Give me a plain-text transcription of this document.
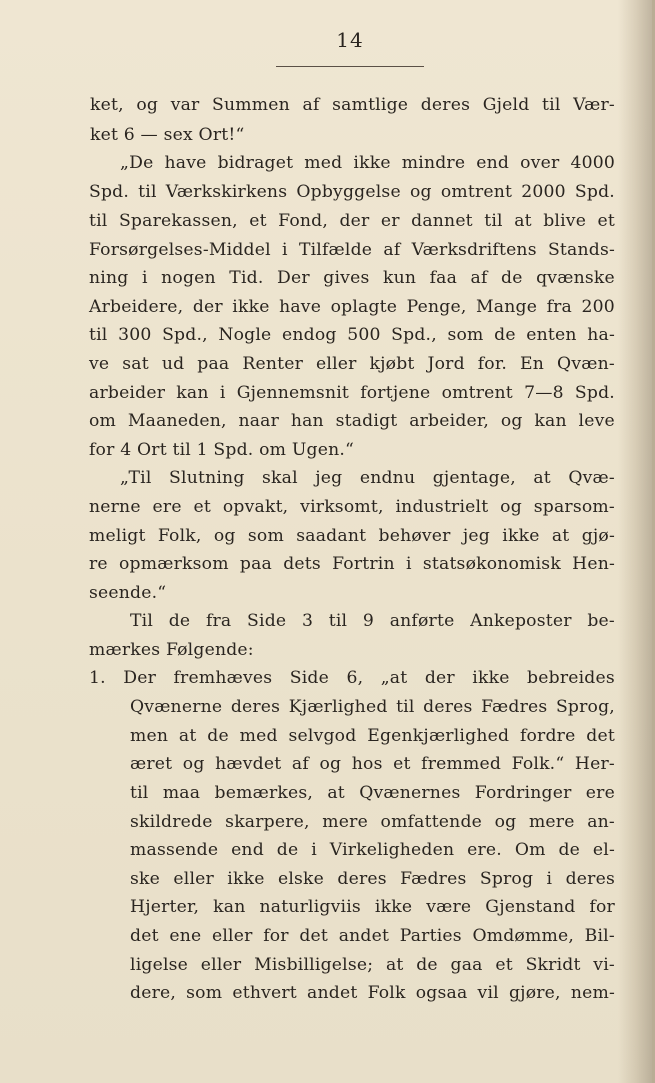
14
ket, og var Summen af samtlige deres Gjeld til Vær-
ket 6 — sex Ort!“
„De have bidraget med ikke mindre end over 4000
Spd. til Værkskirkens Opbyggelse og omtrent 2000 Spd.
til Sparekassen, et Fond, der er dannet til at blive et
Forsørgelses-Middel i Tilfælde af Værksdriftens Stands-
ning i nogen Tid. Der gives kun faa af de qvænske
Arbeidere, der ikke have oplagte Penge, Mange fra 200
til 300 Spd., Nogle endog 500 Spd., som de enten ha-
ve sat ud paa Renter eller kjøbt Jord for. En Qvæn-
arbeider kan i Gjennemsnit fortjene omtrent 7—8 Spd.
om Maaneden, naar han stadigt arbeider, og kan leve
for 4 Ort til 1 Spd. om Ugen.“
„Til Slutning skal jeg endnu gjentage, at Qvæ-
nerne ere et opvakt, virksomt, industrielt og sparsom-
meligt Folk, og som saadant behøver jeg ikke at gjø-
re opmærksom paa dets Fortrin i statsøkonomisk Hen-
seende.“
Til de fra Side 3 til 9 anførte Ankeposter be-
mærkes Følgende:
1. Der fremhæves Side 6, „at der ikke bebreides
Qvænerne deres Kjærlighed til deres Fædres Sprog,
men at de med selvgod Egenkjærlighed fordre det
æret og hævdet af og hos et fremmed Folk.“ Her-
til maa bemærkes, at Qvænernes Fordringer ere
skildrede skarpere, mere omfattende og mere an-
massende end de i Virkeligheden ere. Om de el-
ske eller ikke elske deres Fædres Sprog i deres
Hjerter, kan naturligviis ikke være Gjenstand for
det ene eller for det andet Parties Omdømme, Bil-
ligelse eller Misbilligelse; at de gaa et Skridt vi-
dere, som ethvert andet Folk ogsaa vil gjøre, nem-
